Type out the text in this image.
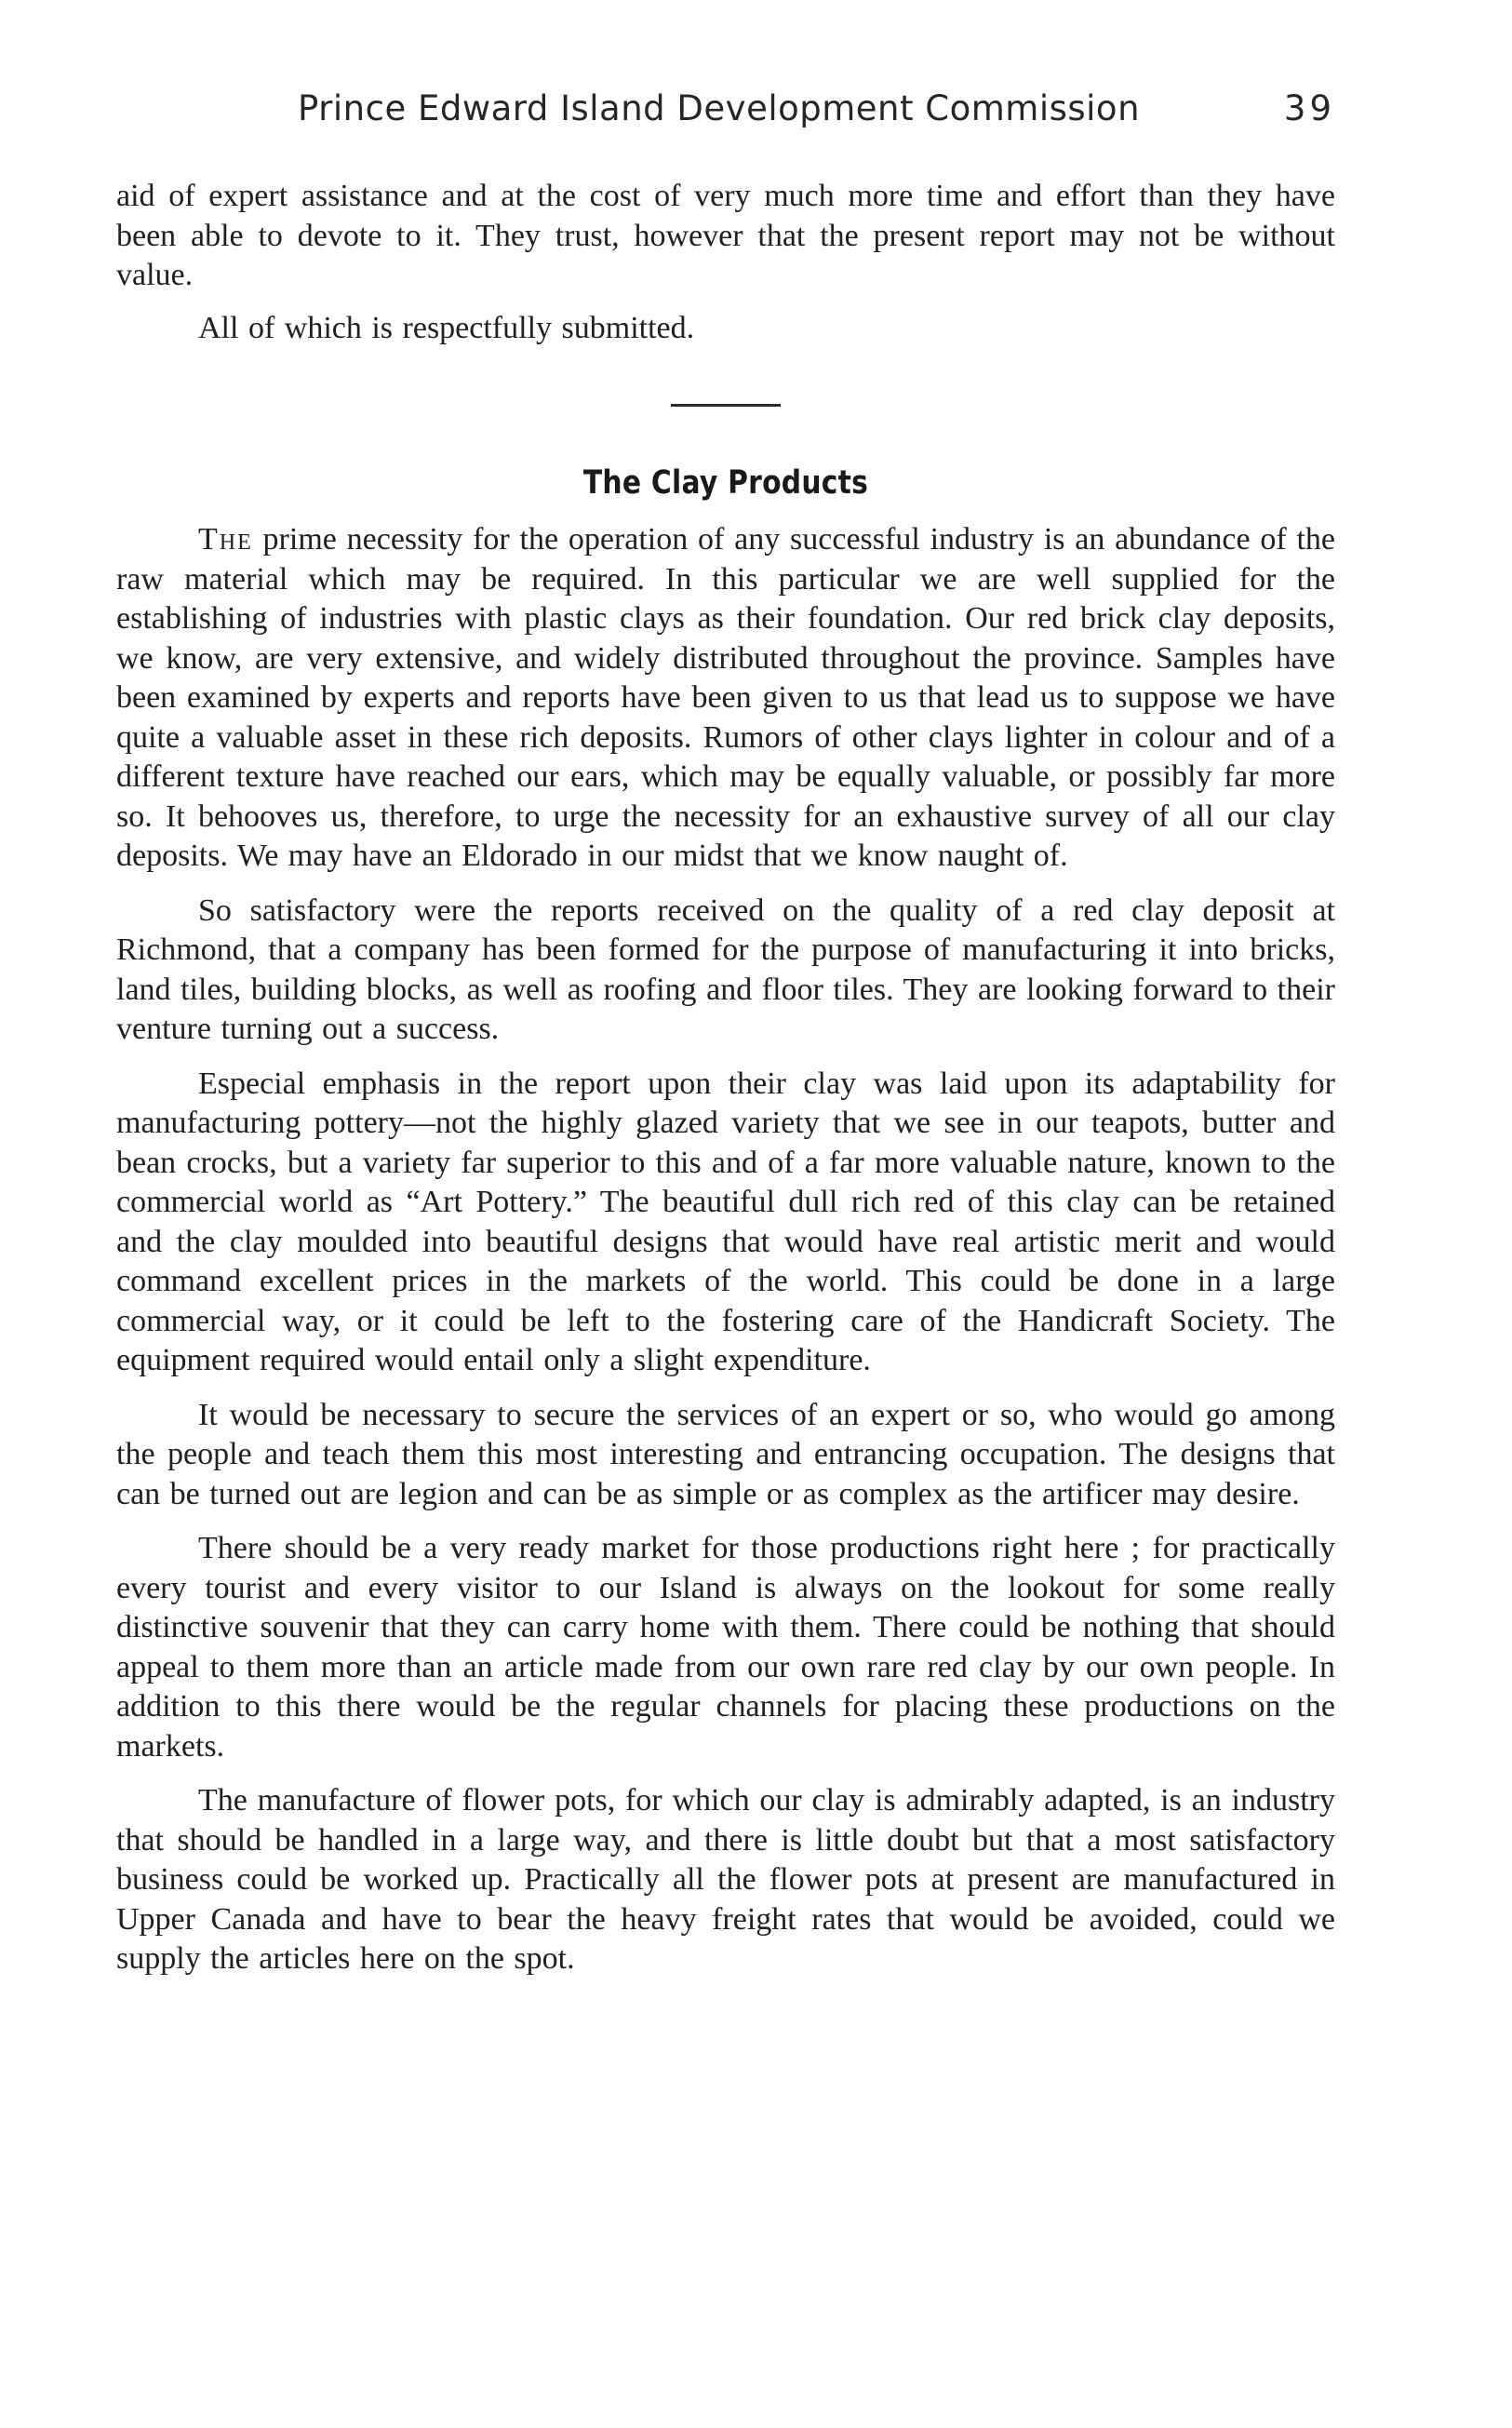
Prince Edward Island Development Commission	39

aid of expert assistance and at the cost of very much more time and effort than they have been able to devote to it. They trust, however that the present report may not be without value.

All of which is respectfully submitted.

The Clay Products

The prime necessity for the operation of any successful industry is an abundance of the raw material which may be required. In this particular we are well supplied for the establishing of industries with plastic clays as their foundation. Our red brick clay deposits, we know, are very extensive, and widely distributed throughout the province. Samples have been examined by experts and reports have been given to us that lead us to suppose we have quite a valuable asset in these rich deposits. Rumors of other clays lighter in colour and of a different texture have reached our ears, which may be equally valuable, or possibly far more so. It behooves us, therefore, to urge the necessity for an exhaustive survey of all our clay deposits. We may have an Eldorado in our midst that we know naught of.

So satisfactory were the reports received on the quality of a red clay deposit at Richmond, that a company has been formed for the purpose of manufacturing it into bricks, land tiles, building blocks, as well as roofing and floor tiles. They are looking forward to their venture turning out a success.

Especial emphasis in the report upon their clay was laid upon its adaptability for manufacturing pottery—not the highly glazed variety that we see in our teapots, butter and bean crocks, but a variety far superior to this and of a far more valuable nature, known to the commercial world as “Art Pottery.” The beautiful dull rich red of this clay can be retained and the clay moulded into beautiful designs that would have real artistic merit and would command excellent prices in the markets of the world. This could be done in a large commercial way, or it could be left to the fostering care of the Handicraft Society. The equipment required would entail only a slight expenditure.

It would be necessary to secure the services of an expert or so, who would go among the people and teach them this most interesting and entrancing occupation. The designs that can be turned out are legion and can be as simple or as complex as the artificer may desire.

There should be a very ready market for those productions right here ; for practically every tourist and every visitor to our Island is always on the lookout for some really distinctive souvenir that they can carry home with them. There could be nothing that should appeal to them more than an article made from our own rare red clay by our own people. In addition to this there would be the regular channels for placing these productions on the markets.

The manufacture of flower pots, for which our clay is admirably adapted, is an industry that should be handled in a large way, and there is little doubt but that a most satisfactory business could be worked up. Practically all the flower pots at present are manufactured in Upper Canada and have to bear the heavy freight rates that would be avoided, could we supply the articles here on the spot.
